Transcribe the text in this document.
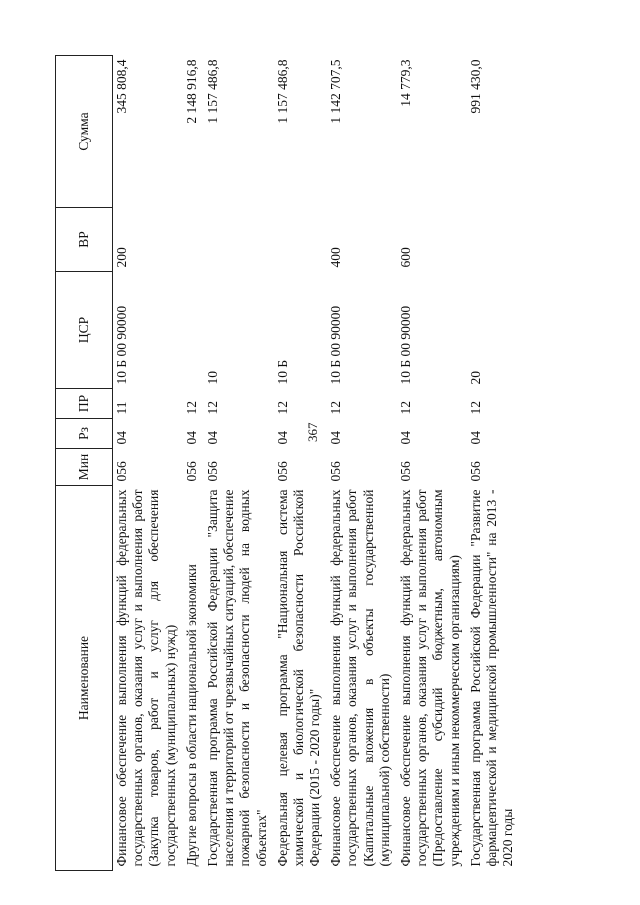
367
Наименование	Мин	Рз	ПР	ЦСР	ВР	Сумма
Финансовое обеспечение выполнения функций федеральных государственных органов, оказания услуг и выполнения работ (Закупка товаров, работ и услуг для обеспечения государственных (муниципальных) нужд)	056	04	11	10 Б 00 90000	200	345 808,4
Другие вопросы в области национальной экономики	056	04	12			2 148 916,8
Государственная программа Российской Федерации "Защита населения и территорий от чрезвычайных ситуаций, обеспечение пожарной безопасности и безопасности людей на водных объектах"	056	04	12	10		1 157 486,8
Федеральная целевая программа "Национальная система химической и биологической безопасности Российской Федерации (2015 - 2020 годы)"	056	04	12	10 Б		1 157 486,8
Финансовое обеспечение выполнения функций федеральных государственных органов, оказания услуг и выполнения работ (Капитальные вложения в объекты государственной (муниципальной) собственности)	056	04	12	10 Б 00 90000	400	1 142 707,5
Финансовое обеспечение выполнения функций федеральных государственных органов, оказания услуг и выполнения работ (Предоставление субсидий бюджетным, автономным учреждениям и иным некоммерческим организациям)	056	04	12	10 Б 00 90000	600	14 779,3
Государственная программа Российской Федерации "Развитие фармацевтической и медицинской промышленности" на 2013 - 2020 годы	056	04	12	20		991 430,0
